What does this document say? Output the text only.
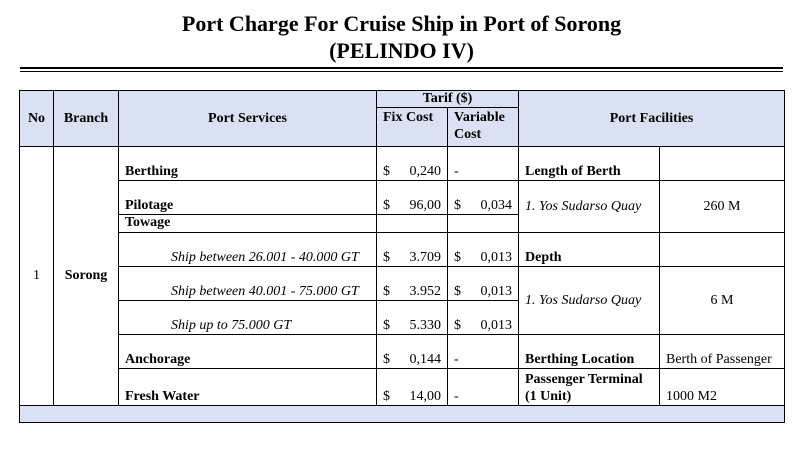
Port Charge For Cruise Ship in Port of Sorong
(PELINDO IV)
No	Branch	Port Services	Tarif ($)		Port Facilities	
			Fix Cost	Variable Cost		
1	Sorong	Berthing	$ 0,240	-	Length of Berth	
		Pilotage	$ 96,00	$ 0,034	1. Yos Sudarso Quay	260 M
		Towage				
		Ship between 26.001 - 40.000 GT	$ 3.709	$ 0,013	Depth	
		Ship between 40.001 - 75.000 GT	$ 3.952	$ 0,013	1. Yos Sudarso Quay	6 M
		Ship up to 75.000 GT	$ 5.330	$ 0,013		

		Anchorage	$ 0,144	-	Berthing Location	Berth of Passenger
		Fresh Water	$ 14,00	-	Passenger Terminal (1 Unit)	1000 M2
